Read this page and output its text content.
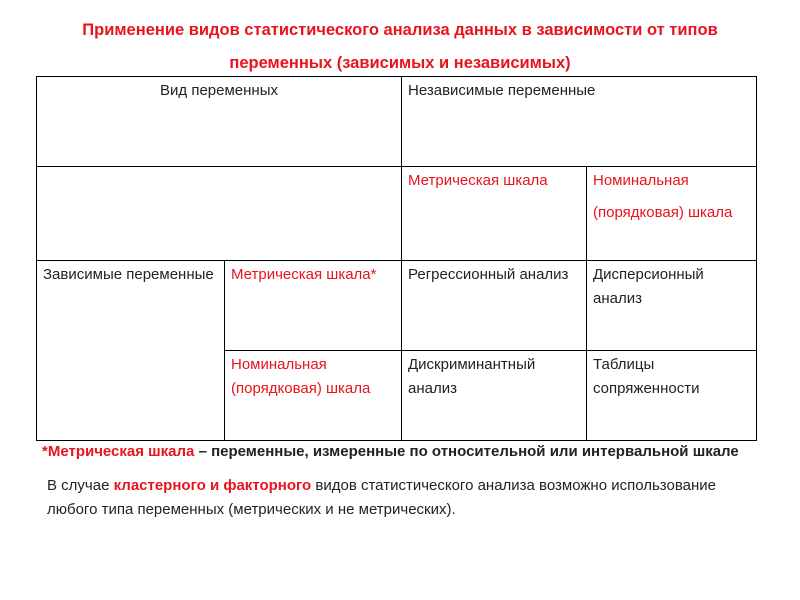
Применение видов статистического анализа данных в зависимости от типов
переменных (зависимых и независимых)
Вид переменных		Независимые переменные	
		Метрическая шкала	Номинальная
(порядковая) шкала

Зависимые переменные	Метрическая шкала*	Регрессионный анализ	Дисперсионный анализ
	Номинальная (порядковая) шкала	Дискриминантный анализ	Таблицы сопряженности

*Метрическая шкала – переменные, измеренные по относительной или интервальной шкале

В случае кластерного и факторного видов статистического анализа возможно использование любого типа переменных (метрических и не метрических).
